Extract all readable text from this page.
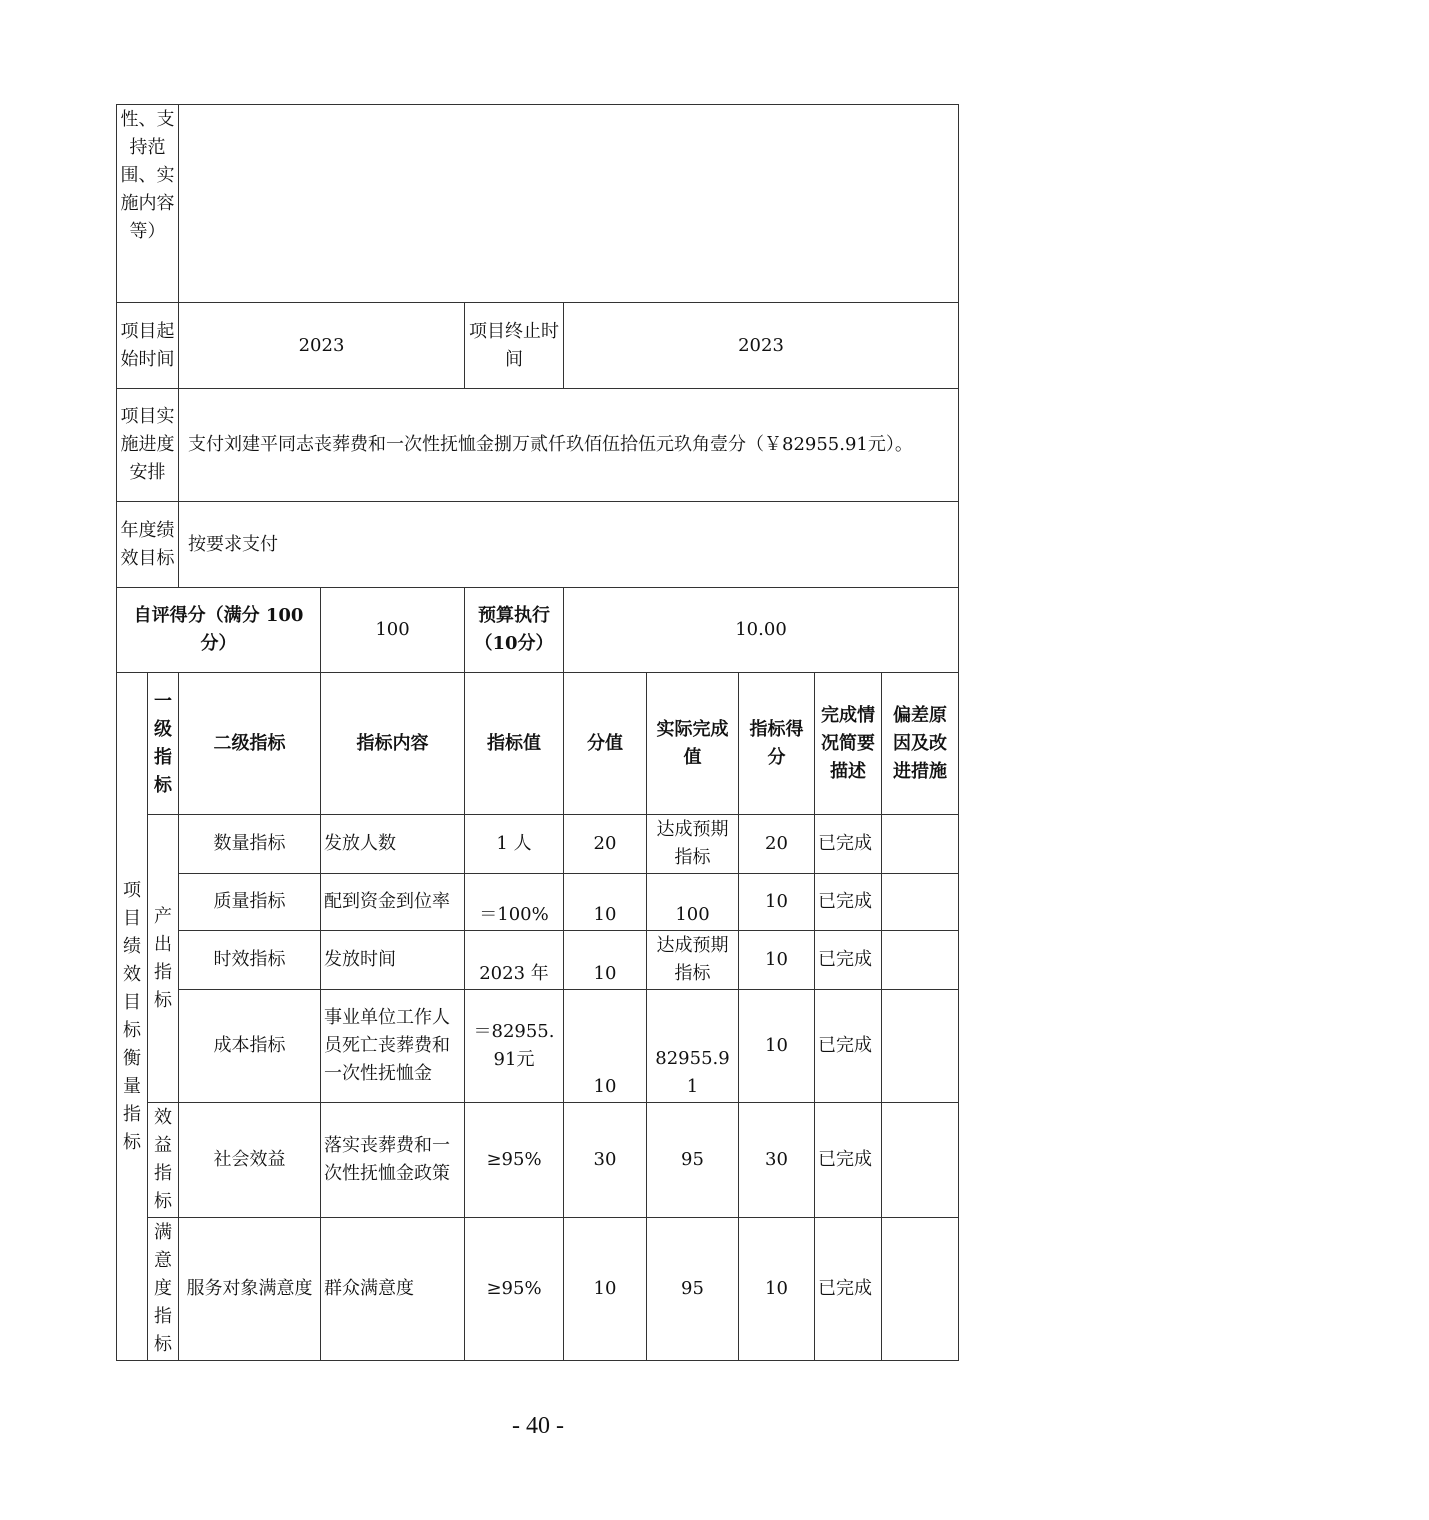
性、支持范围、实施内容等）									
项目起始时间		2023		项目终止时间	2023				
项目实施进度安排		支付刘建平同志丧葬费和一次性抚恤金捌万贰仟玖佰伍拾伍元玖角壹分（￥82955.91元）。							
年度绩效目标		按要求支付							
自评得分（满分 100 分）			100	预算执行（10分）	10.00				
项目绩效目标衡量指标	一级指标	二级指标	指标内容	指标值	分值	实际完成值	指标得分	完成情况简要描述	偏差原因及改进措施
	产出指标	数量指标	发放人数	1 人	20	达成预期指标	20	已完成	
		质量指标	配到资金到位率	＝100%	10	100	10	已完成	
		时效指标	发放时间	2023 年	10	达成预期指标	10	已完成	
		成本指标	事业单位工作人员死亡丧葬费和一次性抚恤金	＝82955.91元	10	82955.91	10	已完成	
	效益指标	社会效益	落实丧葬费和一次性抚恤金政策	≥95%	30	95	30	已完成	
	满意度指标	服务对象满意度	群众满意度	≥95%	10	95	10	已完成	
- 40 -
